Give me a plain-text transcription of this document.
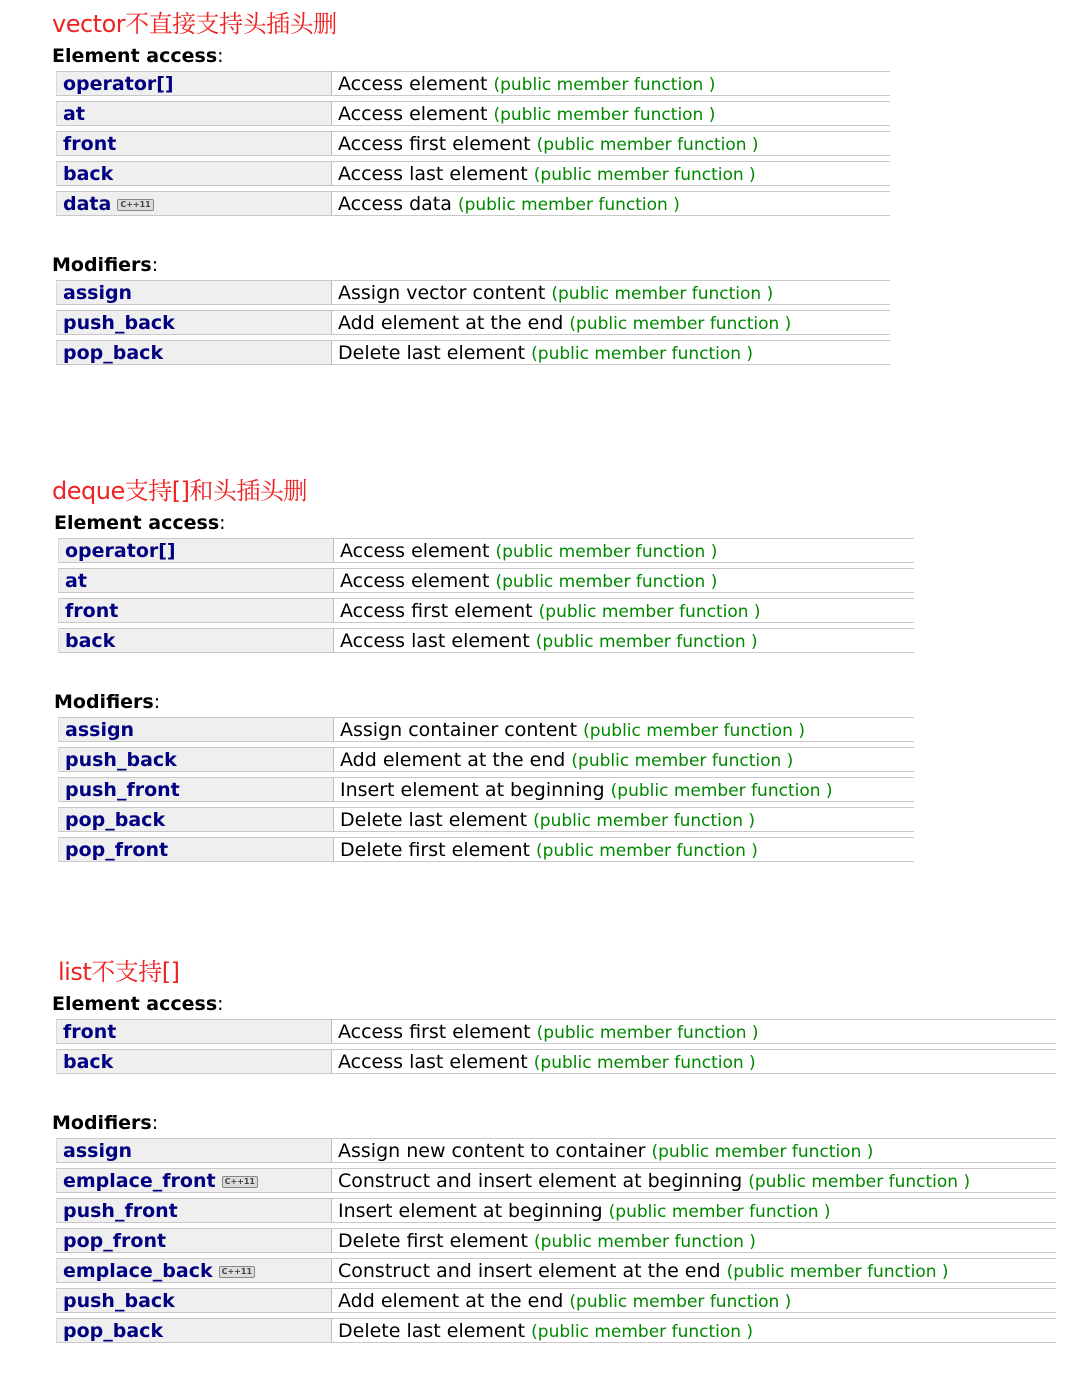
vector不直接支持头插头删
Element access:
operator[]	Access element (public member function )
at	Access element (public member function )
front	Access first element (public member function )
back	Access last element (public member function )
data C++11	Access data (public member function )
Modifiers:
assign	Assign vector content (public member function )
push_back	Add element at the end (public member function )
pop_back	Delete last element (public member function )
deque支持[]和头插头删
Element access:
operator[]	Access element (public member function )
at	Access element (public member function )
front	Access first element (public member function )
back	Access last element (public member function )
Modifiers:
assign	Assign container content (public member function )
push_back	Add element at the end (public member function )
push_front	Insert element at beginning (public member function )
pop_back	Delete last element (public member function )
pop_front	Delete first element (public member function )
list不支持[]
Element access:
front	Access first element (public member function )
back	Access last element (public member function )
Modifiers:
assign	Assign new content to container (public member function )
emplace_front C++11	Construct and insert element at beginning (public member function )
push_front	Insert element at beginning (public member function )
pop_front	Delete first element (public member function )
emplace_back C++11	Construct and insert element at the end (public member function )
push_back	Add element at the end (public member function )
pop_back	Delete last element (public member function )
